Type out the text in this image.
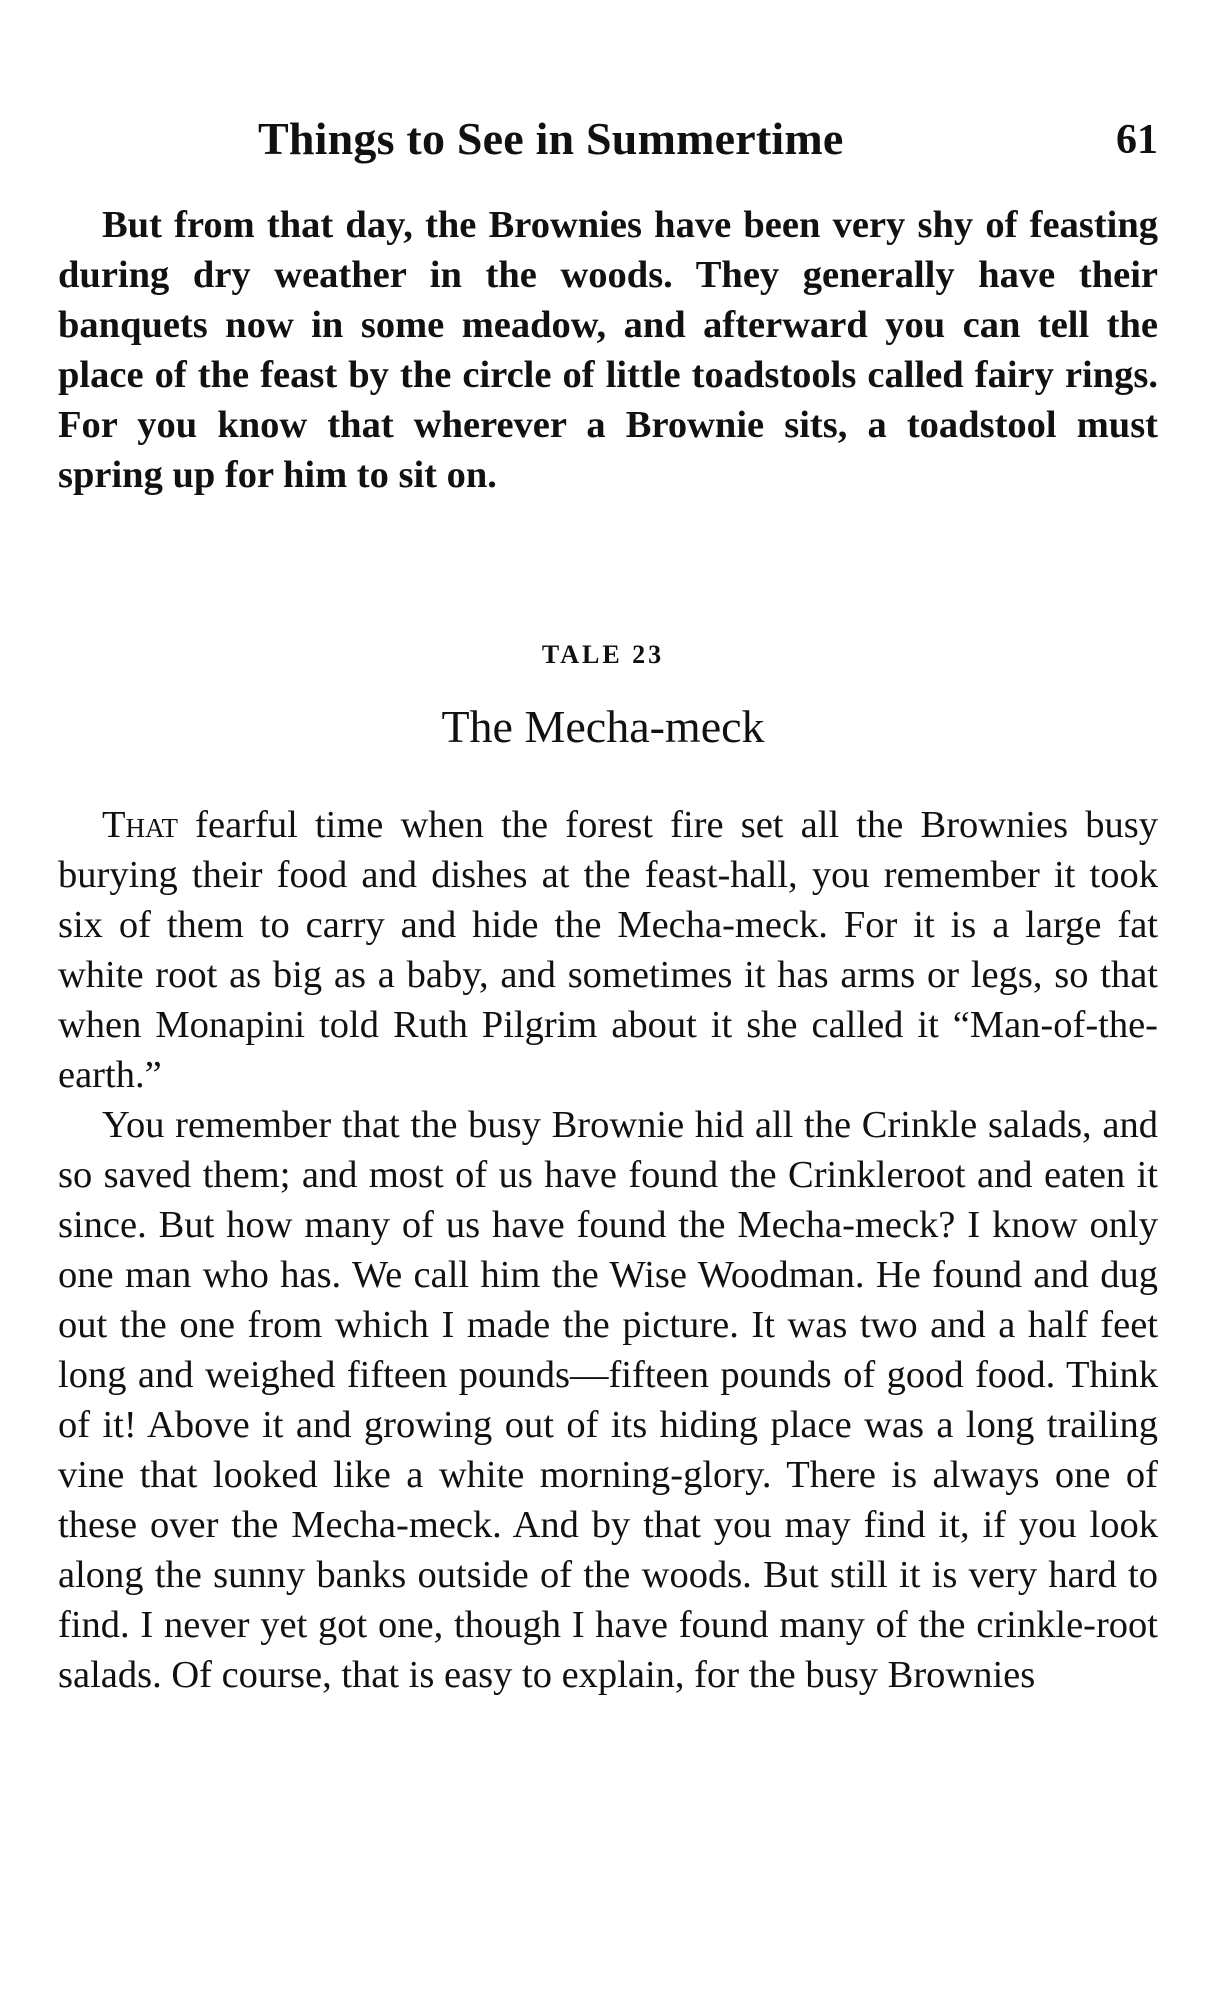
Things to See in Summertime	61

But from that day, the Brownies have been very shy of feasting during dry weather in the woods. They generally have their banquets now in some meadow, and afterward you can tell the place of the feast by the circle of little toadstools called fairy rings. For you know that wherever a Brownie sits, a toadstool must spring up for him to sit on.

TALE 23
The Mecha-meck

That fearful time when the forest fire set all the Brownies busy burying their food and dishes at the feast-hall, you remember it took six of them to carry and hide the Mecha-meck. For it is a large fat white root as big as a baby, and sometimes it has arms or legs, so that when Monapini told Ruth Pilgrim about it she called it “Man-of-the-earth.”

You remember that the busy Brownie hid all the Crinkle salads, and so saved them; and most of us have found the Crinkleroot and eaten it since. But how many of us have found the Mecha-meck? I know only one man who has. We call him the Wise Woodman. He found and dug out the one from which I made the picture. It was two and a half feet long and weighed fifteen pounds—fifteen pounds of good food. Think of it! Above it and growing out of its hiding place was a long trailing vine that looked like a white morning-glory. There is always one of these over the Mecha-meck. And by that you may find it, if you look along the sunny banks outside of the woods. But still it is very hard to find. I never yet got one, though I have found many of the crinkle-root salads. Of course, that is easy to explain, for the busy Brownies
